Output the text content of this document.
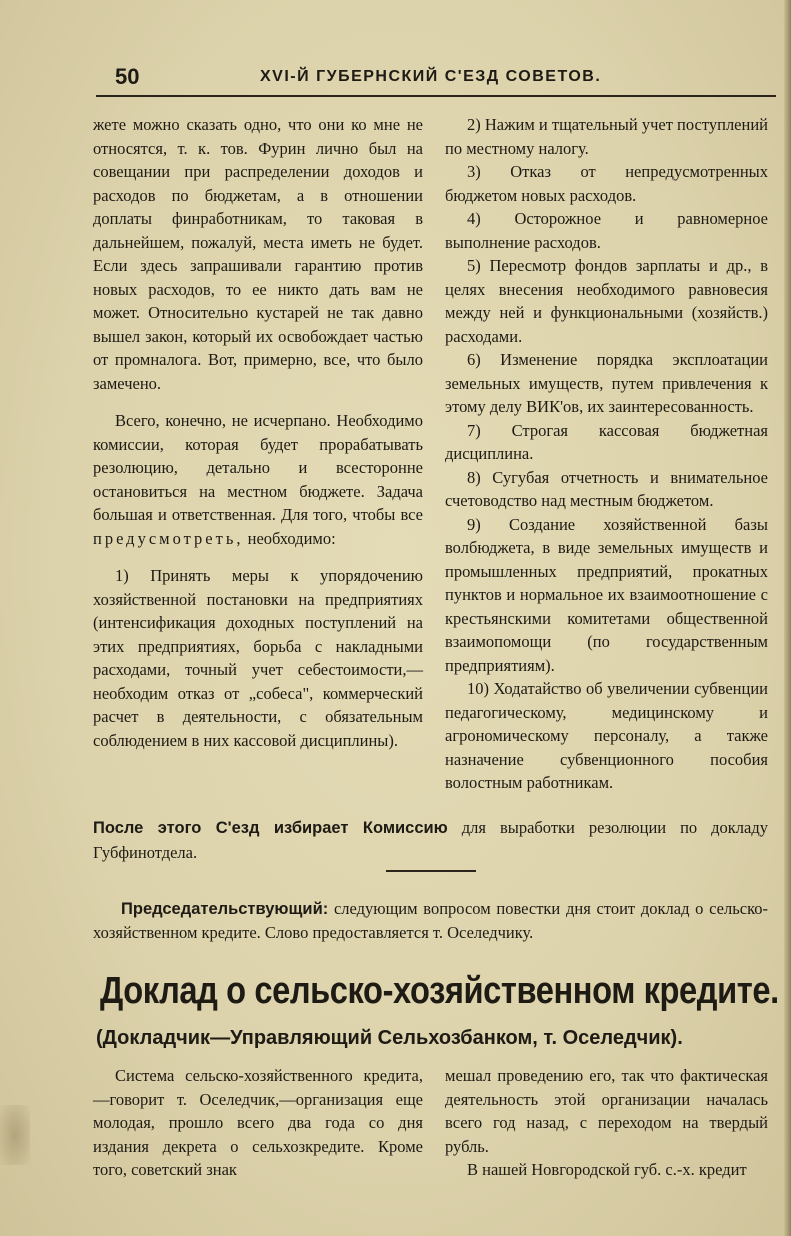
50	XVI-Й ГУБЕРНСКИЙ С'ЕЗД СОВЕТОВ.

жете можно сказать одно, что они ко мне не относятся, т. к. тов. Фурин лично был на совещании при распределении доходов и расходов по бюджетам, а в отношении доплаты финработникам, то таковая в дальнейшем, пожалуй, места иметь не будет. Если здесь запрашивали гарантию против новых расходов, то ее никто дать вам не может. Относительно кустарей не так давно вышел закон, который их освобождает частью от промналога. Вот, примерно, все, что было замечено.

Всего, конечно, не исчерпано. Необходимо комиссии, которая будет прорабатывать резолюцию, детально и всесторонне остановиться на местном бюджете. Задача большая и ответственная. Для того, чтобы все предусмотреть, необходимо:

1) Принять меры к упорядочению хозяйственной постановки на предприятиях (интенсификация доходных поступлений на этих предприятиях, борьба с накладными расходами, точный учет себестоимости,—необходим отказ от „собеса", коммерческий расчет в деятельности, с обязательным соблюдением в них кассовой дисциплины).

2) Нажим и тщательный учет поступлений по местному налогу.

3) Отказ от непредусмотренных бюджетом новых расходов.

4) Осторожное и равномерное выполнение расходов.

5) Пересмотр фондов зарплаты и др., в целях внесения необходимого равновесия между ней и функциональными (хозяйств.) расходами.

6) Изменение порядка эксплоатации земельных имуществ, путем привлечения к этому делу ВИК'ов, их заинтересованность.

7) Строгая кассовая бюджетная дисциплина.

8) Сугубая отчетность и внимательное счетоводство над местным бюджетом.

9) Создание хозяйственной базы волбюджета, в виде земельных имуществ и промышленных предприятий, прокатных пунктов и нормальное их взаимоотношение с крестьянскими комитетами общественной взаимопомощи (по государственным предприятиям).

10) Ходатайство об увеличении субвенции педагогическому, медицинскому и агрономическому персоналу, а также назначение субвенционного пособия волостным работникам.

После этого С'езд избирает Комиссию для выработки резолюции по докладу Губфинотдела.
Председательствующий: следующим вопросом повестки дня стоит доклад о сельско-хозяйственном кредите. Слово предоставляется т. Оселедчику.
Доклад о сельско-хозяйственном кредите.
(Докладчик—Управляющий Сельхозбанком, т. Оселедчик).

Система сельско-хозяйственного кредита,—говорит т. Оселедчик,—организация еще молодая, прошло всего два года со дня издания декрета о сельхозкредите. Кроме того, советский знак

мешал проведению его, так что фактическая деятельность этой организации началась всего год назад, с переходом на твердый рубль.

В нашей Новгородской губ. с.-х. кредит
